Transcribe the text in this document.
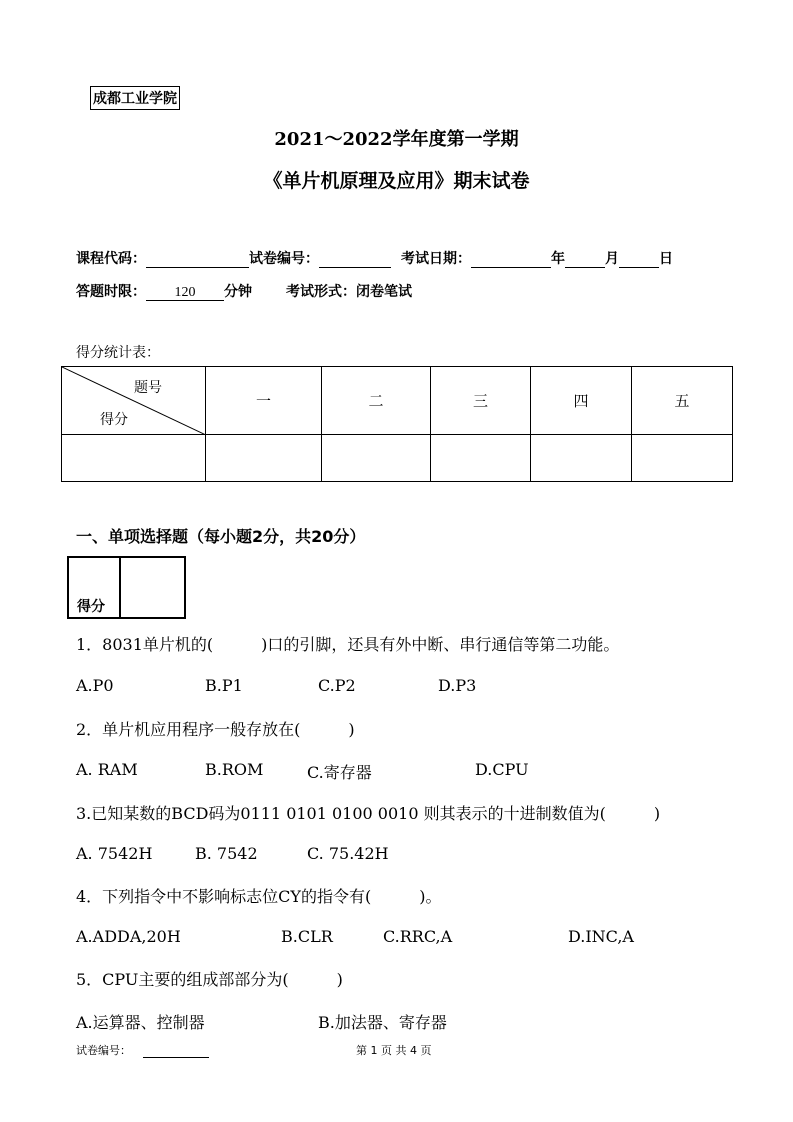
成都工业学院
2021～2022学年度第一学期
《单片机原理及应用》期末试卷
课程代码：	试卷编号：	考试日期：	年	月	日
答题时限： 120 分钟 考试形式：闭卷笔试
得分统计表：
题号
得分	一	二	三	四	五

一、单项选择题（每小题2分，共20分）
得分
1．8031单片机的(　　　)口的引脚，还具有外中断、串行通信等第二功能。
A.P0	B.P1	C.P2	D.P3
2．单片机应用程序一般存放在(　　　)
A. RAM	B.ROM	C.寄存器	D.CPU
3.已知某数的BCD码为0111 0101 0100 0010 则其表示的十进制数值为(　　　)
A. 7542H	B. 7542	C. 75.42H
4．下列指令中不影响标志位CY的指令有(　　　)。
A.ADDA,20H	B.CLR	C.RRC,A	D.INC,A
5．CPU主要的组成部部分为(　　　)
A.运算器、控制器	B.加法器、寄存器
试卷编号：	第 1 页 共 4 页
